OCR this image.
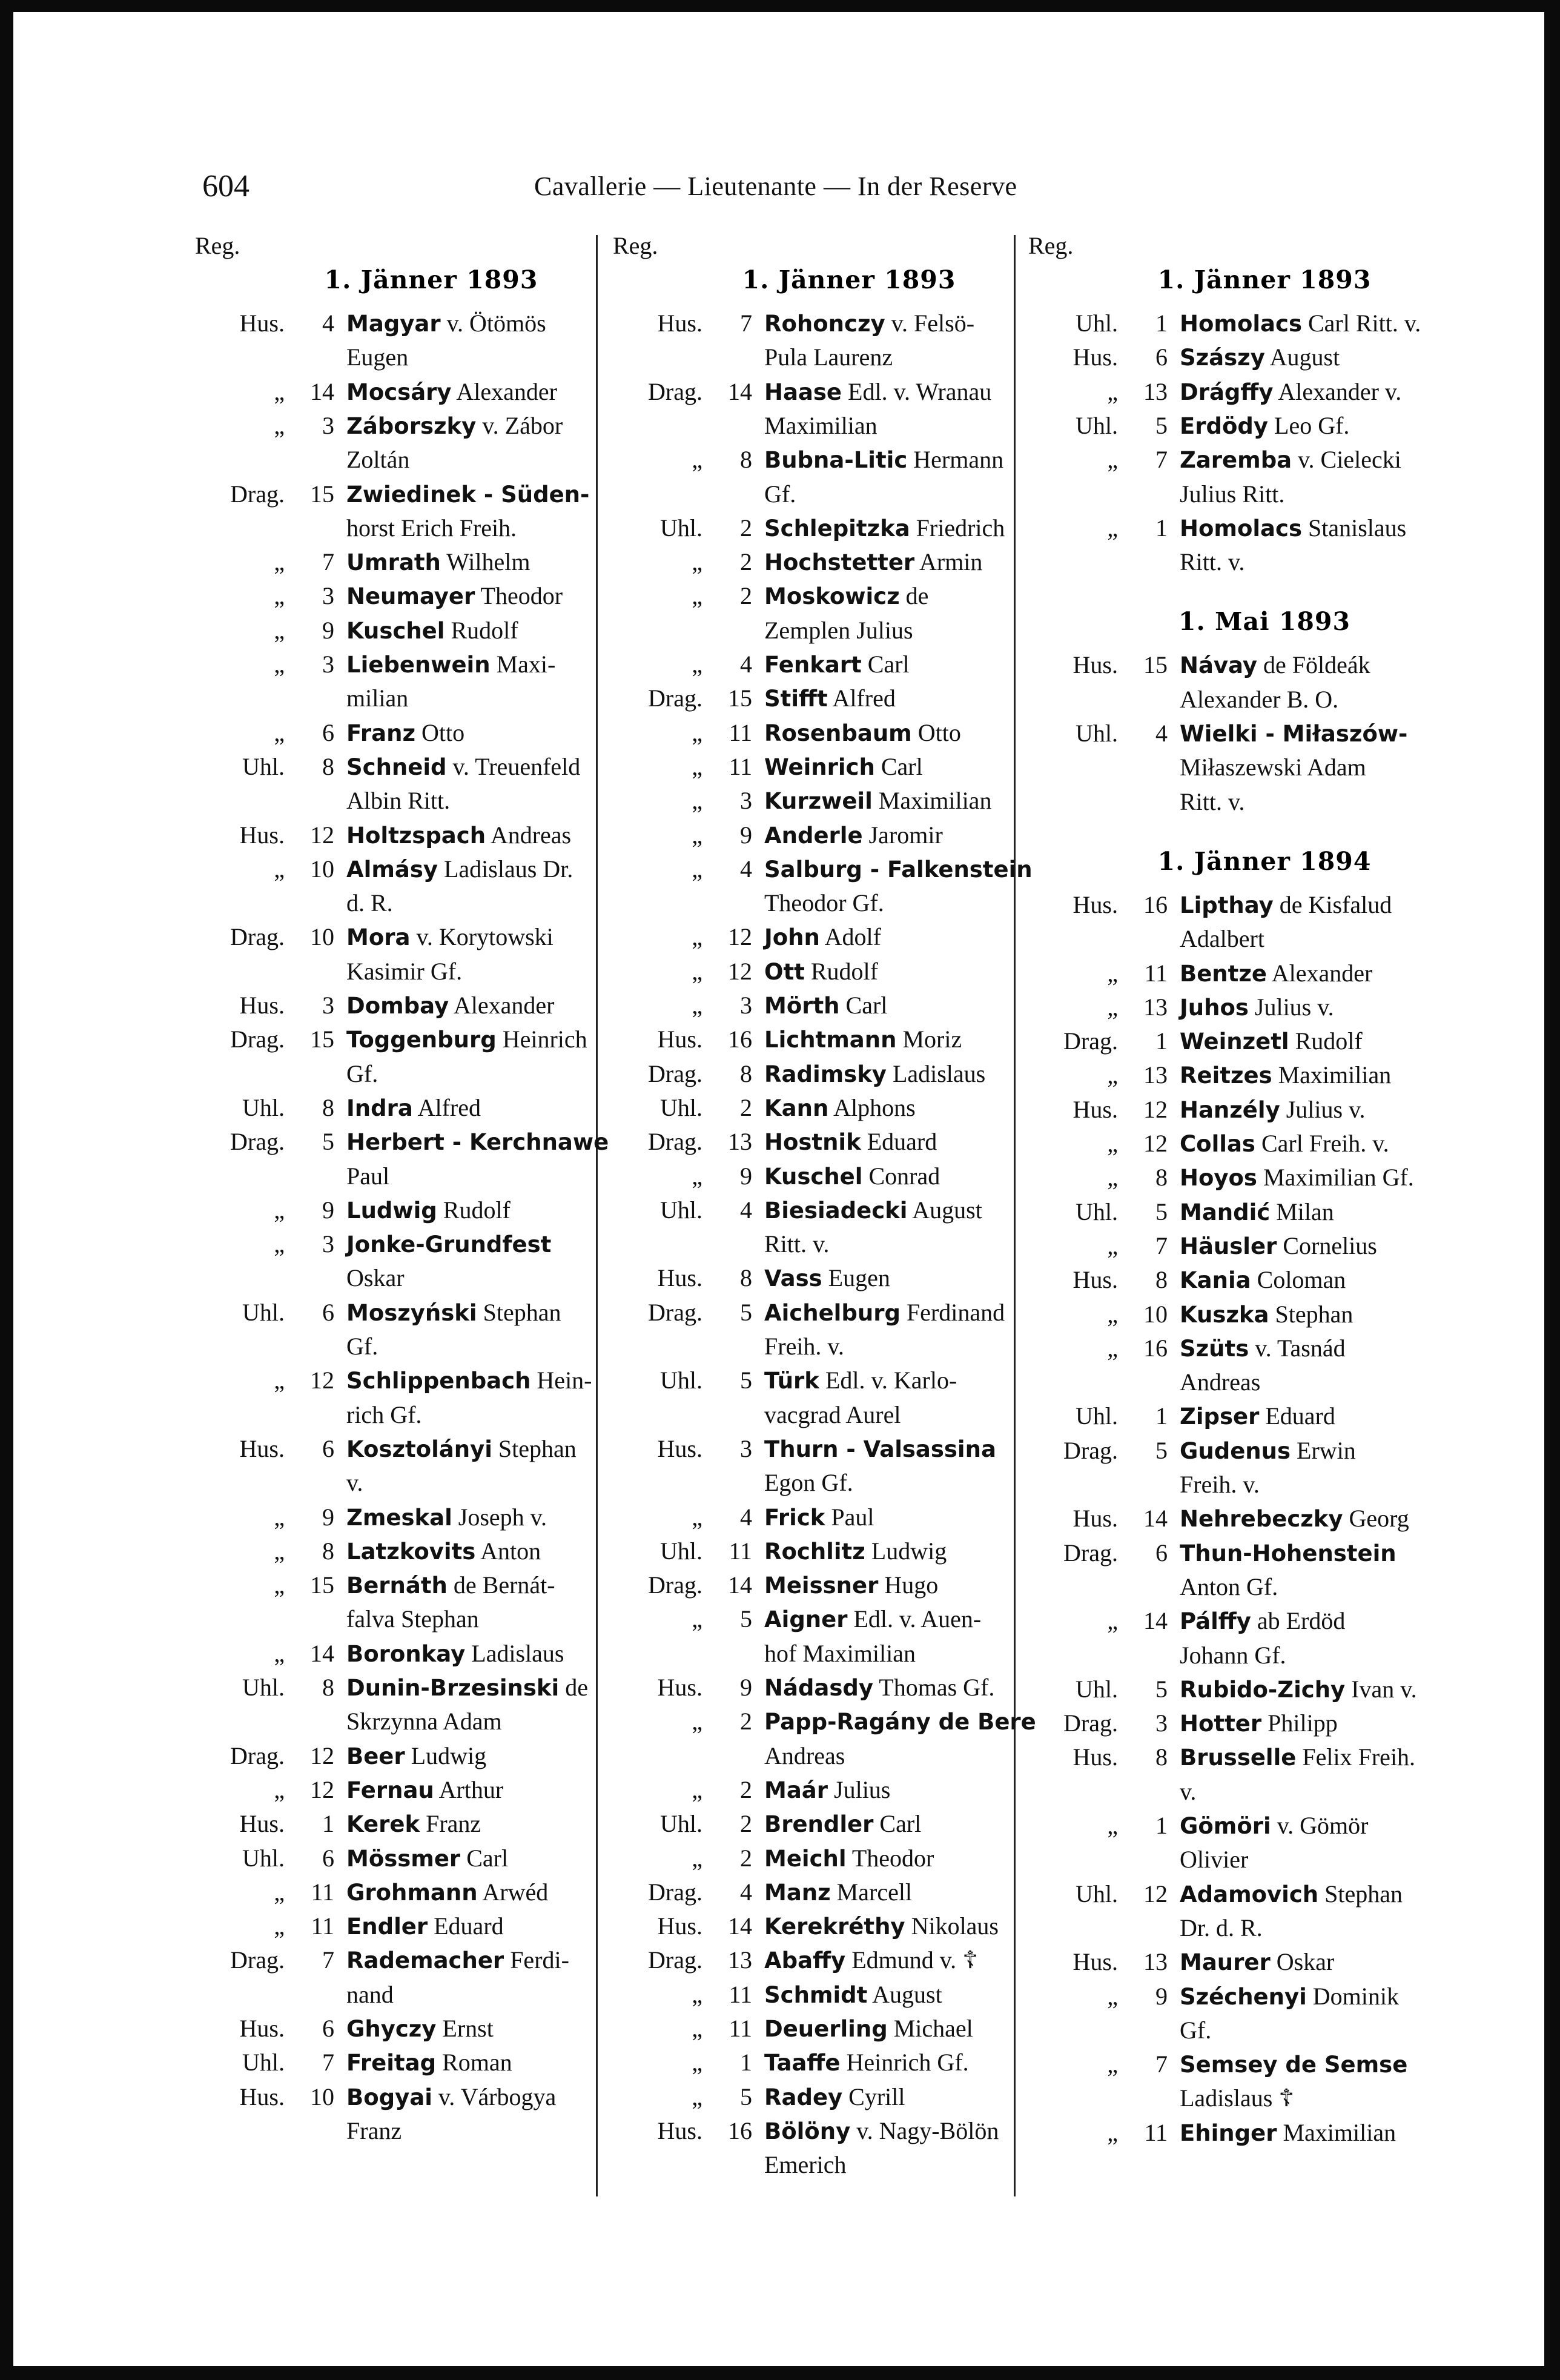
604	Cavallerie — Lieutenante — In der Reserve
Reg.
1. Jänner 1893
Hus.	4 Magyar v. Ötömös
Eugen
„	14 Mocsáry Alexander
„	3 Záborszky v. Zábor
Zoltán
Drag.	15 Zwiedinek - Süden-
horst Erich Freih.
„	7 Umrath Wilhelm
„	3 Neumayer Theodor
„	9 Kuschel Rudolf
„	3 Liebenwein Maxi-
milian
„	6 Franz Otto
Uhl.	8 Schneid v. Treuenfeld
Albin Ritt.
Hus.	12 Holtzspach Andreas
„	10 Almásy Ladislaus Dr.
d. R.
Drag.	10 Mora v. Korytowski
Kasimir Gf.
Hus.	3 Dombay Alexander
Drag.	15 Toggenburg Heinrich
Gf.
Uhl.	8 Indra Alfred
Drag.	5 Herbert - Kerchnawe
Paul
„	9 Ludwig Rudolf
„	3 Jonke-Grundfest
Oskar
Uhl.	6 Moszyński Stephan
Gf.
„	12 Schlippenbach Hein-
rich Gf.
Hus.	6 Kosztolányi Stephan
v.
„	9 Zmeskal Joseph v.
„	8 Latzkovits Anton
„	15 Bernáth de Bernát-
falva Stephan
„	14 Boronkay Ladislaus
Uhl.	8 Dunin-Brzesinski de
Skrzynna Adam
Drag.	12 Beer Ludwig
„	12 Fernau Arthur
Hus.	1 Kerek Franz
Uhl.	6 Mössmer Carl
„	11 Grohmann Arwéd
„	11 Endler Eduard
Drag.	7 Rademacher Ferdi-
nand
Hus.	6 Ghyczy Ernst
Uhl.	7 Freitag Roman
Hus.	10 Bogyai v. Várbogya
Franz
Reg.
1. Jänner 1893
Hus.	7 Rohonczy v. Felsö-
Pula Laurenz
Drag.	14 Haase Edl. v. Wranau
Maximilian
„	8 Bubna-Litic Hermann
Gf.
Uhl.	2 Schlepitzka Friedrich
„	2 Hochstetter Armin
„	2 Moskowicz de
Zemplen Julius
„	4 Fenkart Carl
Drag.	15 Stifft Alfred
„	11 Rosenbaum Otto
„	11 Weinrich Carl
„	3 Kurzweil Maximilian
„	9 Anderle Jaromir
„	4 Salburg - Falkenstein
Theodor Gf.
„	12 John Adolf
„	12 Ott Rudolf
„	3 Mörth Carl
Hus.	16 Lichtmann Moriz
Drag.	8 Radimsky Ladislaus
Uhl.	2 Kann Alphons
Drag.	13 Hostnik Eduard
„	9 Kuschel Conrad
Uhl.	4 Biesiadecki August
Ritt. v.
Hus.	8 Vass Eugen
Drag.	5 Aichelburg Ferdinand
Freih. v.
Uhl.	5 Türk Edl. v. Karlo-
vacgrad Aurel
Hus.	3 Thurn - Valsassina
Egon Gf.
„	4 Frick Paul
Uhl.	11 Rochlitz Ludwig
Drag.	14 Meissner Hugo
„	5 Aigner Edl. v. Auen-
hof Maximilian
Hus.	9 Nádasdy Thomas Gf.
„	2 Papp-Ragány de Bere
Andreas
„	2 Maár Julius
Uhl.	2 Brendler Carl
„	2 Meichl Theodor
Drag.	4 Manz Marcell
Hus.	14 Kerekréthy Nikolaus
Drag.	13 Abaffy Edmund v. ☦
„	11 Schmidt August
„	11 Deuerling Michael
„	1 Taaffe Heinrich Gf.
„	5 Radey Cyrill
Hus.	16 Bölöny v. Nagy-Bölön
Emerich
Reg.
1. Jänner 1893
Uhl.	1 Homolacs Carl Ritt. v.
Hus.	6 Szászy August
„	13 Drágffy Alexander v.
Uhl.	5 Erdödy Leo Gf.
„	7 Zaremba v. Cielecki
Julius Ritt.
„	1 Homolacs Stanislaus
Ritt. v.
1. Mai 1893
Hus.	15 Návay de Földeák
Alexander B. O.
Uhl.	4 Wielki - Miłaszów-
Miłaszewski Adam
Ritt. v.
1. Jänner 1894
Hus.	16 Lipthay de Kisfalud
Adalbert
„	11 Bentze Alexander
„	13 Juhos Julius v.
Drag.	1 Weinzetl Rudolf
„	13 Reitzes Maximilian
Hus.	12 Hanzély Julius v.
„	12 Collas Carl Freih. v.
„	8 Hoyos Maximilian Gf.
Uhl.	5 Mandić Milan
„	7 Häusler Cornelius
Hus.	8 Kania Coloman
„	10 Kuszka Stephan
„	16 Szüts v. Tasnád
Andreas
Uhl.	1 Zipser Eduard
Drag.	5 Gudenus Erwin
Freih. v.
Hus.	14 Nehrebeczky Georg
Drag.	6 Thun-Hohenstein
Anton Gf.
„	14 Pálffy ab Erdöd
Johann Gf.
Uhl.	5 Rubido-Zichy Ivan v.
Drag.	3 Hotter Philipp
Hus.	8 Brusselle Felix Freih.
v.
„	1 Gömöri v. Gömör
Olivier
Uhl.	12 Adamovich Stephan
Dr. d. R.
Hus.	13 Maurer Oskar
„	9 Széchenyi Dominik
Gf.
„	7 Semsey de Semse
Ladislaus ☦
„	11 Ehinger Maximilian
